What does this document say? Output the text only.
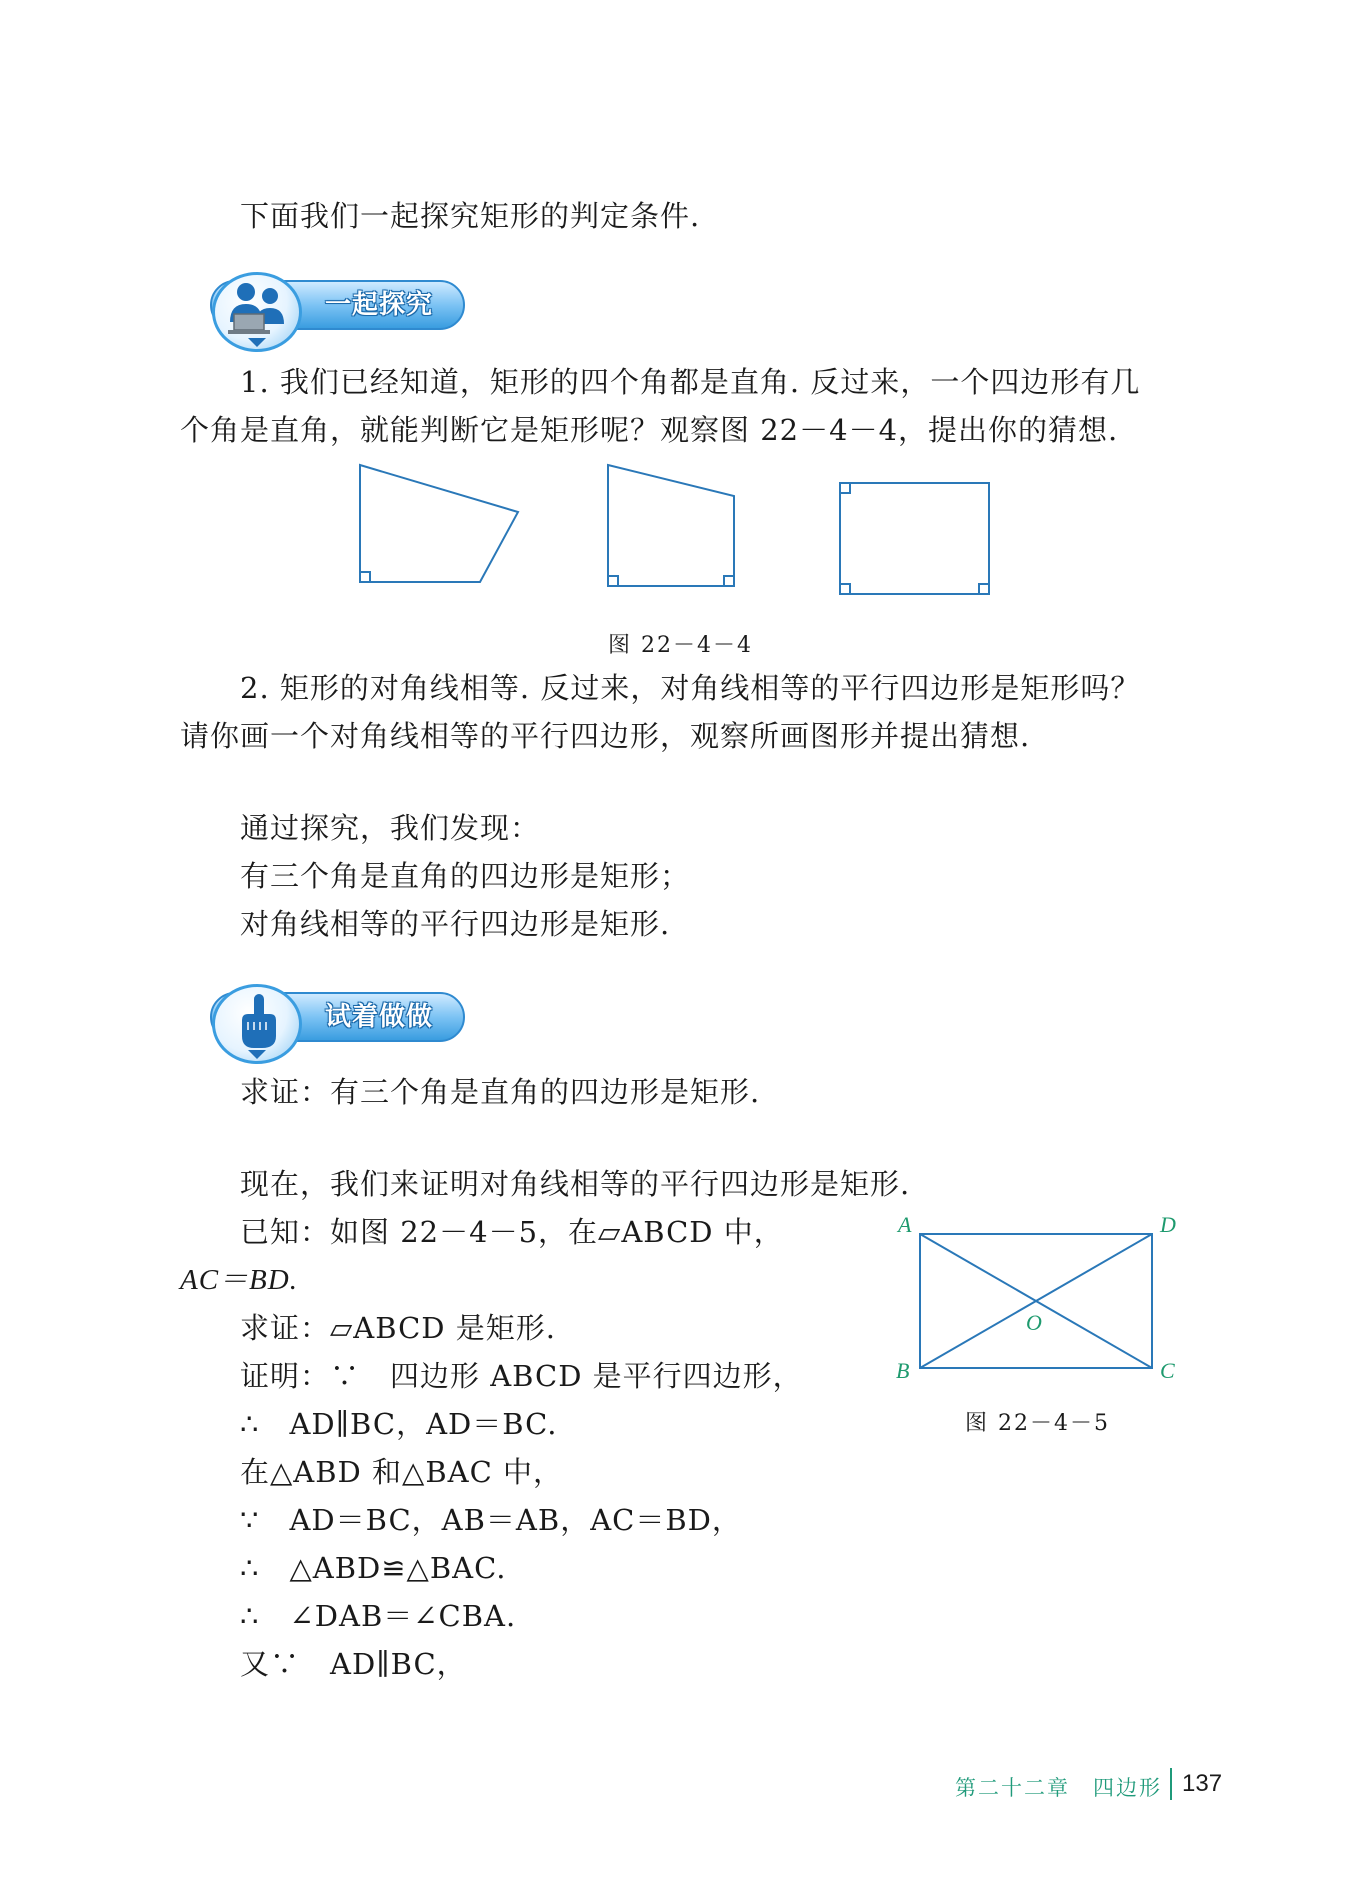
下面我们一起探究矩形的判定条件.
一起探究
1. 我们已经知道，矩形的四个角都是直角. 反过来，一个四边形有几
个角是直角，就能判断它是矩形呢？观察图 22－4－4，提出你的猜想.
图 22－4－4
2. 矩形的对角线相等. 反过来，对角线相等的平行四边形是矩形吗？
请你画一个对角线相等的平行四边形，观察所画图形并提出猜想.
通过探究，我们发现：
有三个角是直角的四边形是矩形；
对角线相等的平行四边形是矩形.
试着做做
求证：有三个角是直角的四边形是矩形.
现在，我们来证明对角线相等的平行四边形是矩形.
已知：如图 22－4－5，在▱ABCD 中，
AC＝BD.
求证：▱ABCD 是矩形.
证明：∵　四边形 ABCD 是平行四边形，
∴　AD∥BC，AD＝BC.
在△ABD 和△BAC 中，
∵　AD＝BC，AB＝AB，AC＝BD，
∴　△ABD≌△BAC.
∴　∠DAB＝∠CBA.
又∵　AD∥BC，
A	D
B	C
O
图 22－4－5
第二十二章　四边形 137
